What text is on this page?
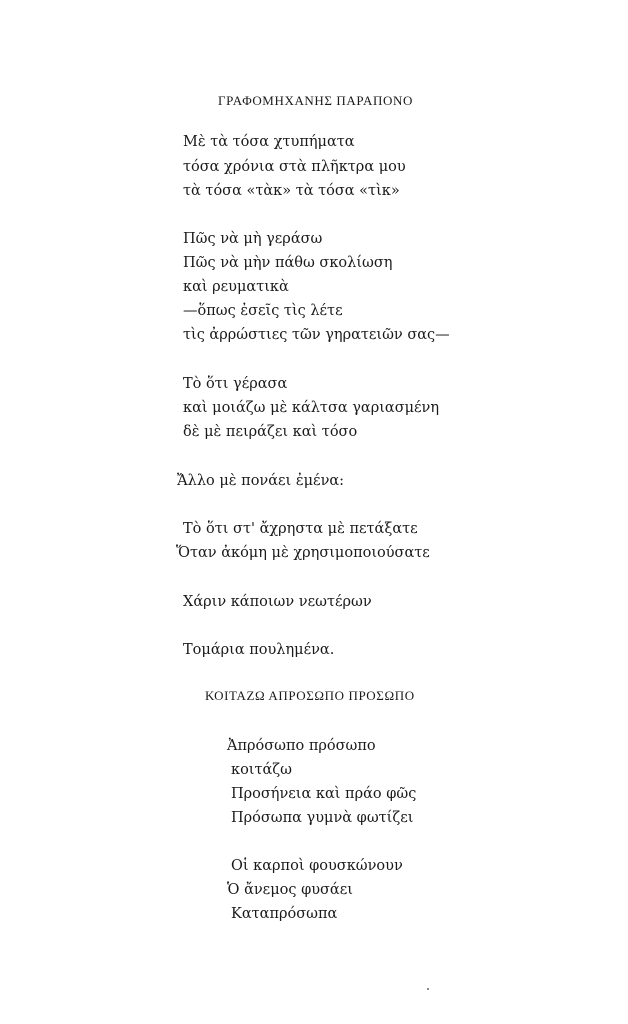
ΓΡΑΦΟΜΗΧΑΝΗΣ ΠΑΡΑΠΟΝΟ
Μὲ τὰ τόσα χτυπήματα
τόσα χρόνια στὰ πλῆκτρα μου
τὰ τόσα «τὰκ» τὰ τόσα «τὶκ»
Πῶς νὰ μὴ γεράσω
Πῶς νὰ μὴν πάθω σκολίωση
καὶ ρευματικὰ
—ὅπως ἐσεῖς τὶς λέτε
τὶς ἀρρώστιες τῶν γηρατειῶν σας—
Τὸ ὅτι γέρασα
καὶ μοιάζω μὲ κάλτσα γαριασμένη
δὲ μὲ πειράζει καὶ τόσο
Ἄλλο μὲ πονάει ἐμένα:
Τὸ ὅτι στ' ἄχρηστα μὲ πετάξατε
Ὅταν ἀκόμη μὲ χρησιμοποιούσατε
Χάριν κάποιων νεωτέρων
Τομάρια πουλημένα.
ΚΟΙΤΑΖΩ ΑΠΡΟΣΩΠΟ ΠΡΟΣΩΠΟ
Ἀπρόσωπο πρόσωπο
κοιτάζω
Προσήνεια καὶ πράο φῶς
Πρόσωπα γυμνὰ φωτίζει
Οἱ καρποὶ φουσκώνουν
Ὁ ἄνεμος φυσάει
Καταπρόσωπα
